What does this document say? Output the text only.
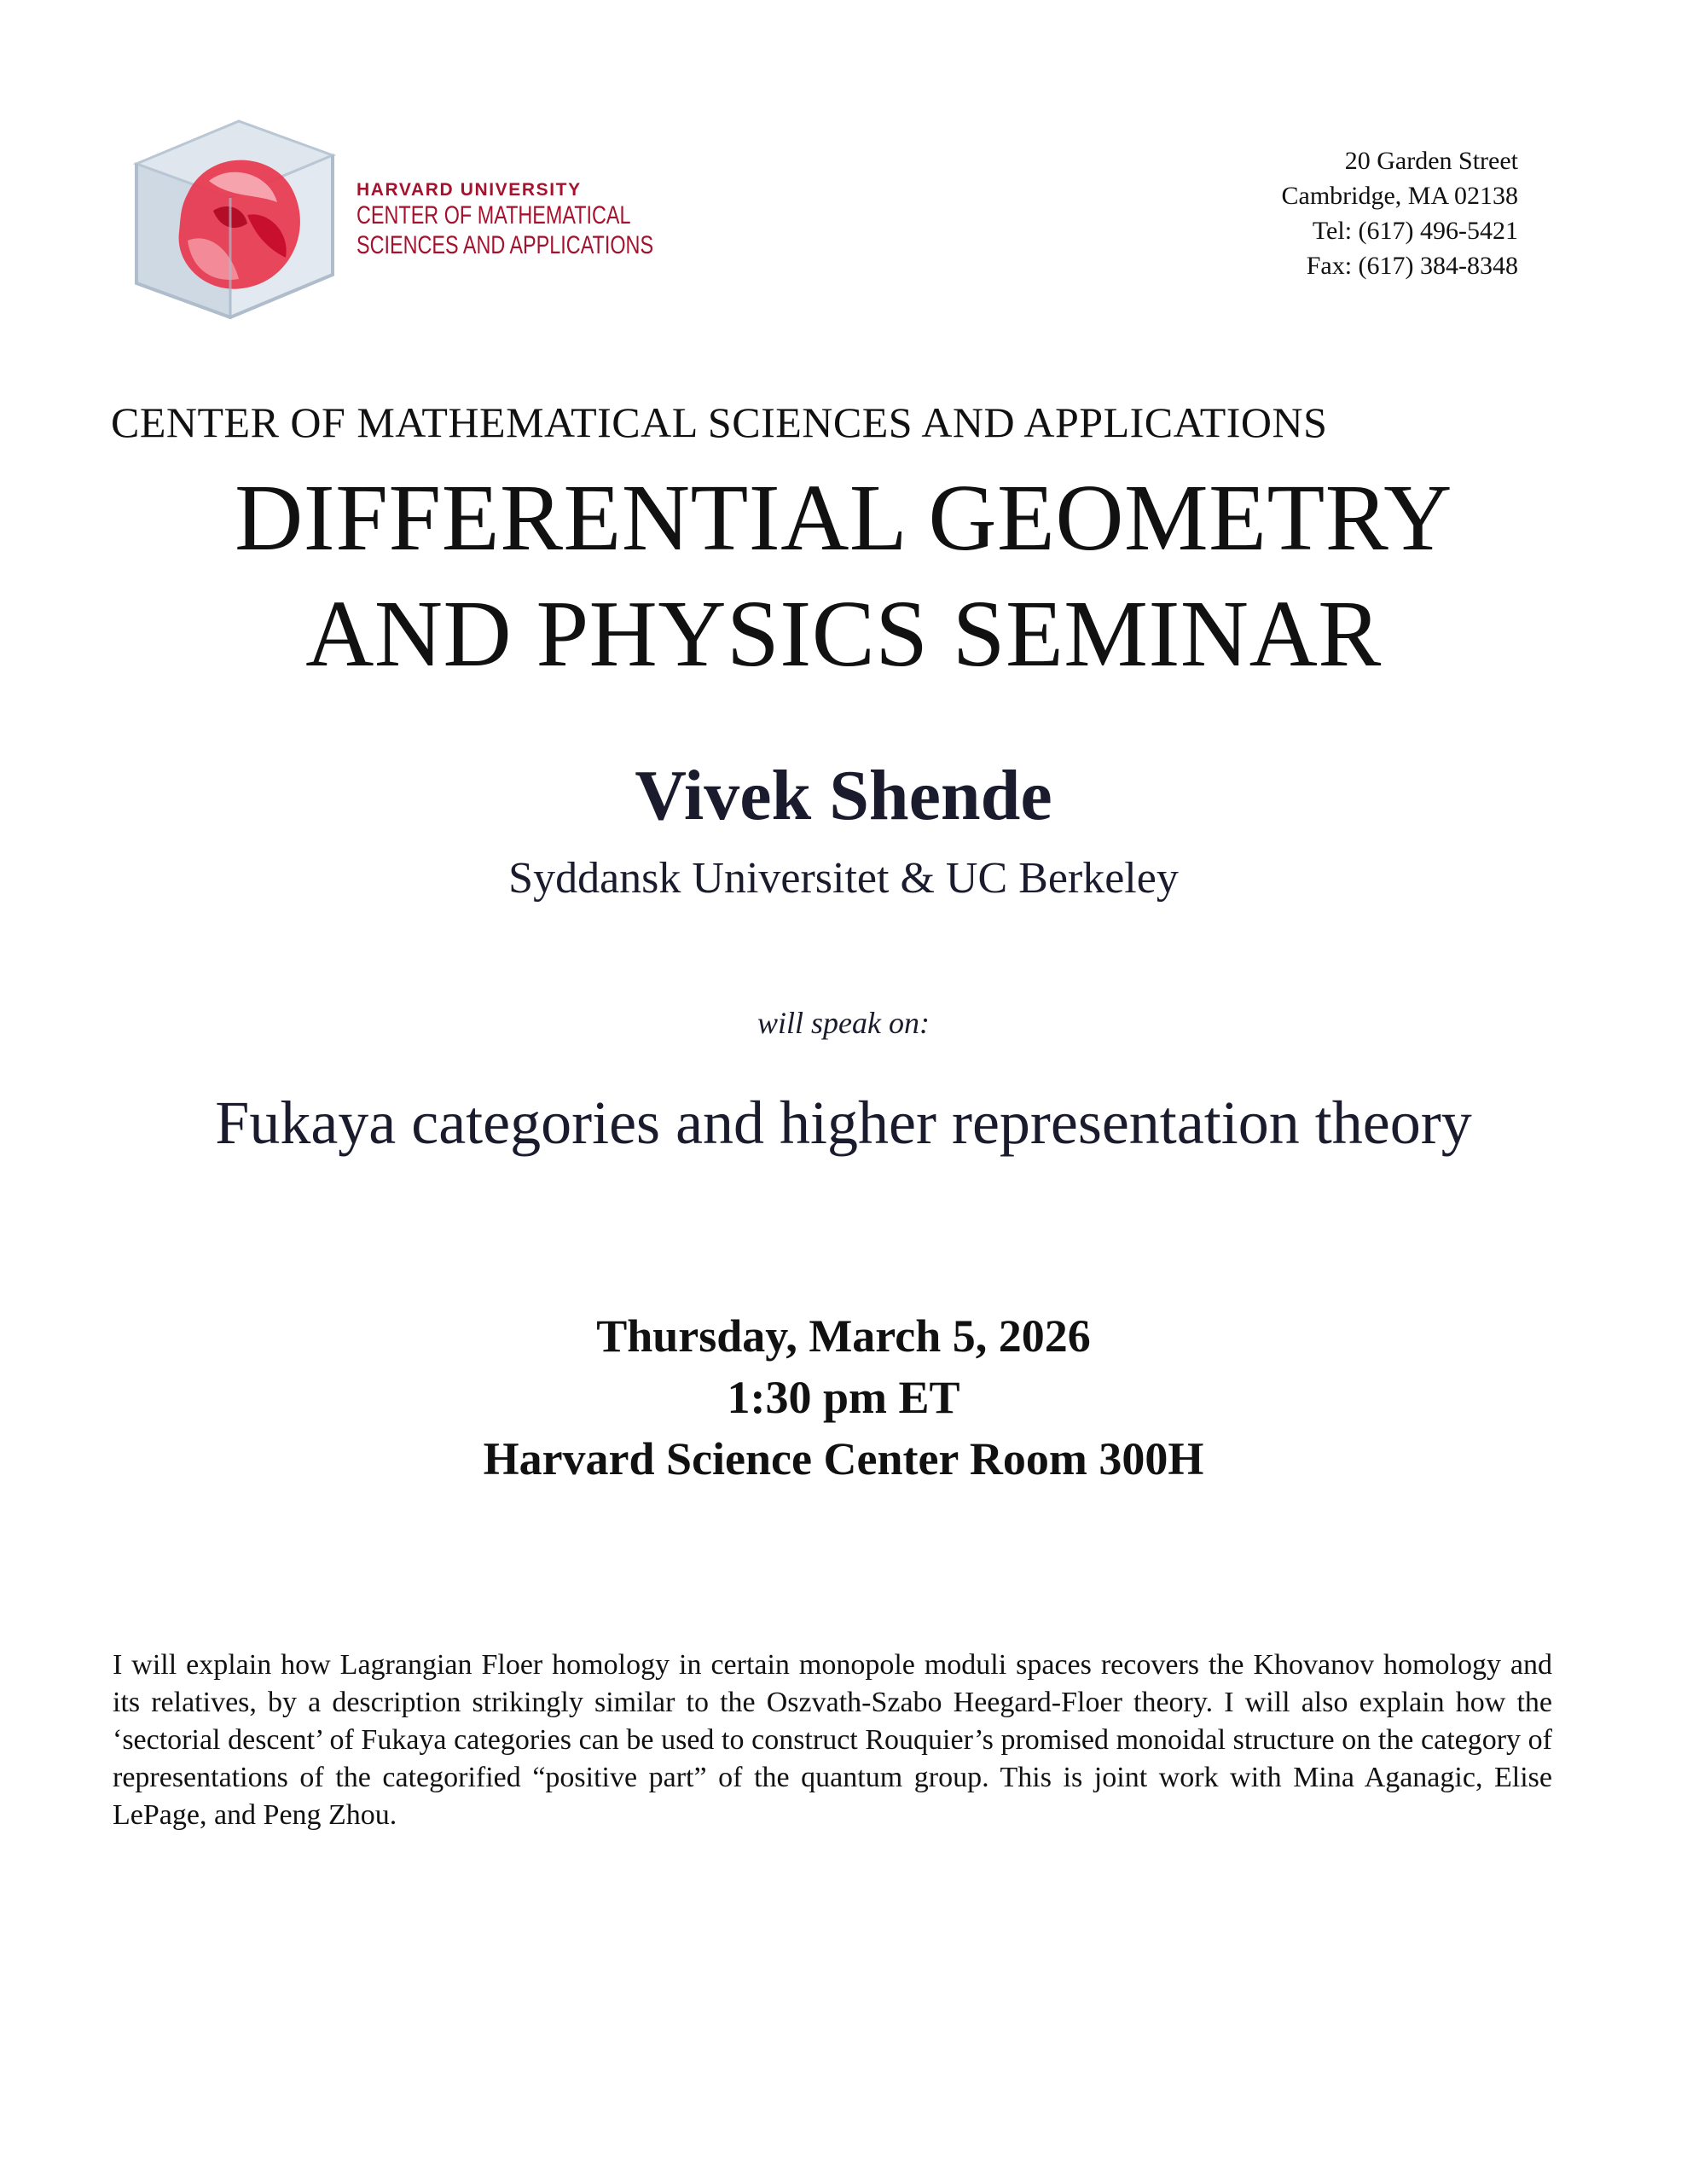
HARVARD UNIVERSITY
CENTER OF MATHEMATICAL
SCIENCES AND APPLICATIONS
20 Garden Street
Cambridge, MA 02138
Tel: (617) 496-5421
Fax: (617) 384-8348
CENTER OF MATHEMATICAL SCIENCES AND APPLICATIONS
DIFFERENTIAL GEOMETRY
AND PHYSICS SEMINAR
Vivek Shende
Syddansk Universitet & UC Berkeley
will speak on:
Fukaya categories and higher representation theory
Thursday, March 5, 2026
1:30 pm ET
Harvard Science Center Room 300H
I will explain how Lagrangian Floer homology in certain monopole moduli spaces recovers the Khovanov homology and its relatives, by a description strikingly similar to the Oszvath-Szabo Heegard-Floer theory. I will also explain how the ‘sectorial descent’ of Fukaya categories can be used to construct Rouquier’s promised monoidal structure on the category of representations of the categorified “positive part” of the quantum group. This is joint work with Mina Aganagic, Elise LePage, and Peng Zhou.
